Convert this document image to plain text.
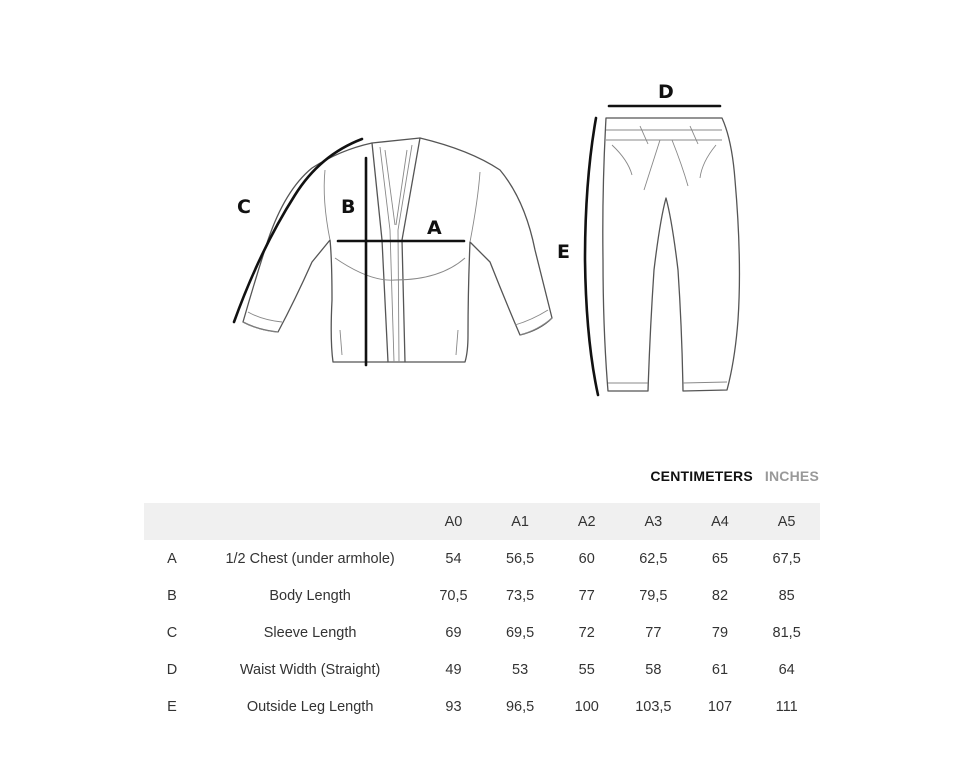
A
B
C
D
E
CENTIMETERS INCHES
		A0	A1	A2	A3	A4	A5
A	1/2 Chest (under armhole)	54	56,5	60	62,5	65	67,5
B	Body Length	70,5	73,5	77	79,5	82	85
C	Sleeve Length	69	69,5	72	77	79	81,5
D	Waist Width (Straight)	49	53	55	58	61	64
E	Outside Leg Length	93	96,5	100	103,5	107	111
